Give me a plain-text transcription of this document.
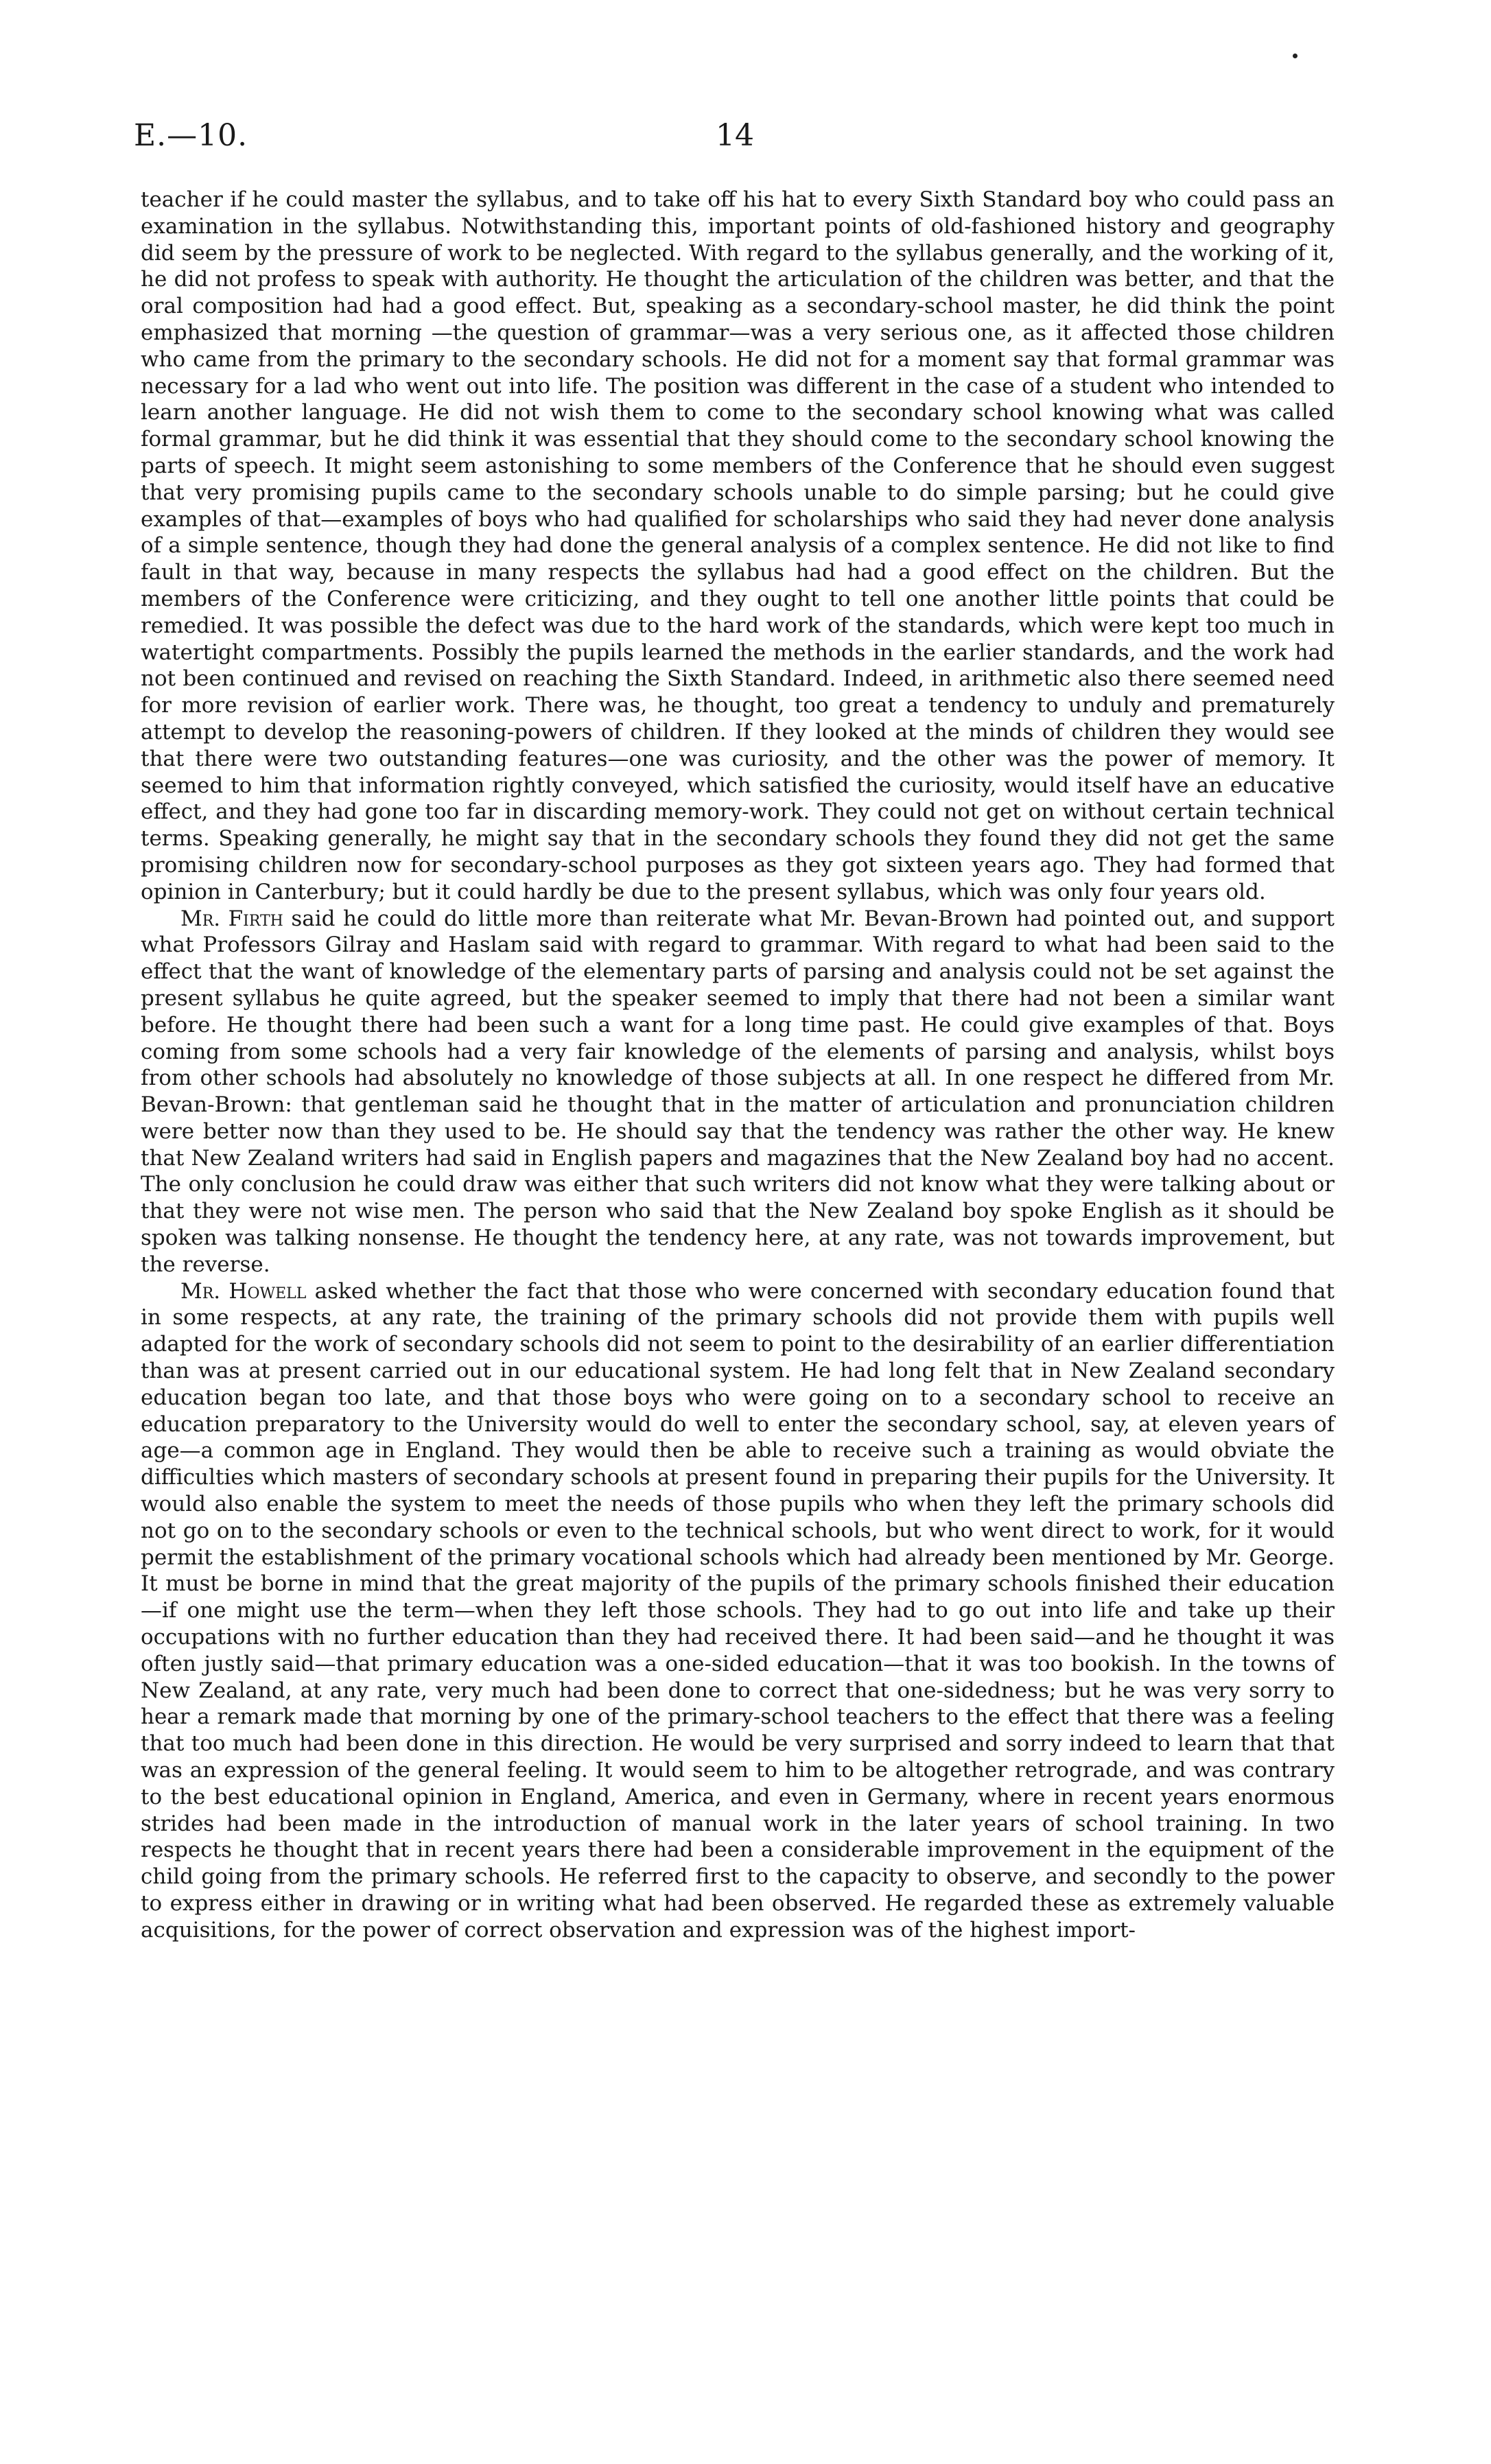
E.—10.	14

teacher if he could master the syllabus, and to take off his hat to every Sixth Standard boy who could pass an examination in the syllabus. Notwithstanding this, important points of old-fashioned history and geography did seem by the pressure of work to be neglected. With regard to the syllabus generally, and the working of it, he did not profess to speak with authority. He thought the articulation of the children was better, and that the oral composition had had a good effect. But, speaking as a secondary-school master, he did think the point emphasized that morning —the question of grammar—was a very serious one, as it affected those children who came from the primary to the secondary schools. He did not for a moment say that formal grammar was necessary for a lad who went out into life. The position was different in the case of a student who intended to learn another language. He did not wish them to come to the secondary school knowing what was called formal grammar, but he did think it was essential that they should come to the secondary school knowing the parts of speech. It might seem astonishing to some members of the Conference that he should even suggest that very promising pupils came to the secondary schools unable to do simple parsing; but he could give examples of that—examples of boys who had qualified for scholarships who said they had never done analysis of a simple sentence, though they had done the general analysis of a complex sentence. He did not like to find fault in that way, because in many respects the syllabus had had a good effect on the children. But the members of the Conference were criticizing, and they ought to tell one another little points that could be remedied. It was possible the defect was due to the hard work of the standards, which were kept too much in watertight compartments. Possibly the pupils learned the methods in the earlier standards, and the work had not been continued and revised on reaching the Sixth Standard. Indeed, in arithmetic also there seemed need for more revision of earlier work. There was, he thought, too great a tendency to unduly and prematurely attempt to develop the reasoning-powers of children. If they looked at the minds of children they would see that there were two outstanding features—one was curiosity, and the other was the power of memory. It seemed to him that information rightly conveyed, which satisfied the curiosity, would itself have an educative effect, and they had gone too far in discarding memory-work. They could not get on without certain technical terms. Speaking generally, he might say that in the secondary schools they found they did not get the same promising children now for secondary-school purposes as they got sixteen years ago. They had formed that opinion in Canterbury; but it could hardly be due to the present syllabus, which was only four years old.

Mr. Firth said he could do little more than reiterate what Mr. Bevan-Brown had pointed out, and support what Professors Gilray and Haslam said with regard to grammar. With regard to what had been said to the effect that the want of knowledge of the elementary parts of parsing and analysis could not be set against the present syllabus he quite agreed, but the speaker seemed to imply that there had not been a similar want before. He thought there had been such a want for a long time past. He could give examples of that. Boys coming from some schools had a very fair knowledge of the elements of parsing and analysis, whilst boys from other schools had absolutely no knowledge of those subjects at all. In one respect he differed from Mr. Bevan-Brown: that gentleman said he thought that in the matter of articulation and pronunciation children were better now than they used to be. He should say that the tendency was rather the other way. He knew that New Zealand writers had said in English papers and magazines that the New Zealand boy had no accent. The only conclusion he could draw was either that such writers did not know what they were talking about or that they were not wise men. The person who said that the New Zealand boy spoke English as it should be spoken was talking nonsense. He thought the tendency here, at any rate, was not towards improvement, but the reverse.

Mr. Howell asked whether the fact that those who were concerned with secondary education found that in some respects, at any rate, the training of the primary schools did not provide them with pupils well adapted for the work of secondary schools did not seem to point to the desirability of an earlier differentiation than was at present carried out in our educational system. He had long felt that in New Zealand secondary education began too late, and that those boys who were going on to a secondary school to receive an education preparatory to the University would do well to enter the secondary school, say, at eleven years of age—a common age in England. They would then be able to receive such a training as would obviate the difficulties which masters of secondary schools at present found in preparing their pupils for the University. It would also enable the system to meet the needs of those pupils who when they left the primary schools did not go on to the secondary schools or even to the technical schools, but who went direct to work, for it would permit the establishment of the primary vocational schools which had already been mentioned by Mr. George. It must be borne in mind that the great majority of the pupils of the primary schools finished their education—if one might use the term—when they left those schools. They had to go out into life and take up their occupations with no further education than they had received there. It had been said—and he thought it was often justly said—that primary education was a one-sided education—that it was too bookish. In the towns of New Zealand, at any rate, very much had been done to correct that one-sidedness; but he was very sorry to hear a remark made that morning by one of the primary-school teachers to the effect that there was a feeling that too much had been done in this direction. He would be very surprised and sorry indeed to learn that that was an expression of the general feeling. It would seem to him to be altogether retrograde, and was contrary to the best educational opinion in England, America, and even in Germany, where in recent years enormous strides had been made in the introduction of manual work in the later years of school training. In two respects he thought that in recent years there had been a considerable improvement in the equipment of the child going from the primary schools. He referred first to the capacity to observe, and secondly to the power to express either in drawing or in writing what had been observed. He regarded these as extremely valuable acquisitions, for the power of correct observation and expression was of the highest import-
